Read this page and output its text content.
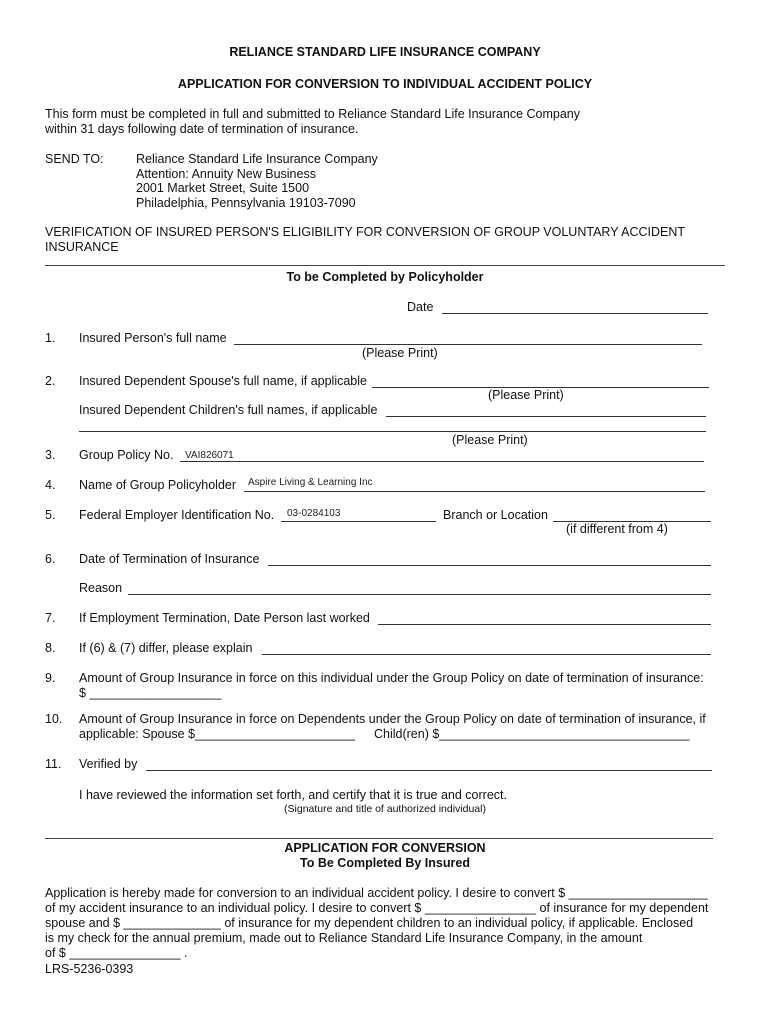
RELIANCE STANDARD LIFE INSURANCE COMPANY
APPLICATION FOR CONVERSION TO INDIVIDUAL ACCIDENT POLICY
This form must be completed in full and submitted to Reliance Standard Life Insurance Company
within 31 days following date of termination of insurance.
SEND TO:	Reliance Standard Life Insurance Company
Attention: Annuity New Business
2001 Market Street, Suite 1500
Philadelphia, Pennsylvania 19103-7090
VERIFICATION OF INSURED PERSON'S ELIGIBILITY FOR CONVERSION OF GROUP VOLUNTARY ACCIDENT
INSURANCE
To be Completed by Policyholder
Date
1. Insured Person's full name
(Please Print)
2. Insured Dependent Spouse's full name, if applicable
(Please Print)
Insured Dependent Children's full names, if applicable
(Please Print)
3. Group Policy No. VAI826071
4. Name of Group Policyholder Aspire Living & Learning Inc
5. Federal Employer Identification No. 03-0284103	Branch or Location
(if different from 4)
6. Date of Termination of Insurance
Reason
7. If Employment Termination, Date Person last worked
8. If (6) & (7) differ, please explain
9. Amount of Group Insurance in force on this individual under the Group Policy on date of termination of insurance:
$ ___________________
10. Amount of Group Insurance in force on Dependents under the Group Policy on date of termination of insurance, if
applicable: Spouse $_______________________ Child(ren) $____________________________________
11. Verified by
I have reviewed the information set forth, and certify that it is true and correct.
(Signature and title of authorized individual)
APPLICATION FOR CONVERSION
To Be Completed By Insured
Application is hereby made for conversion to an individual accident policy. I desire to convert $ ____________________
of my accident insurance to an individual policy. I desire to convert $ ________________ of insurance for my dependent
spouse and $ ______________ of insurance for my dependent children to an individual policy, if applicable. Enclosed
is my check for the annual premium, made out to Reliance Standard Life Insurance Company, in the amount
of $ ________________ .
LRS-5236-0393
